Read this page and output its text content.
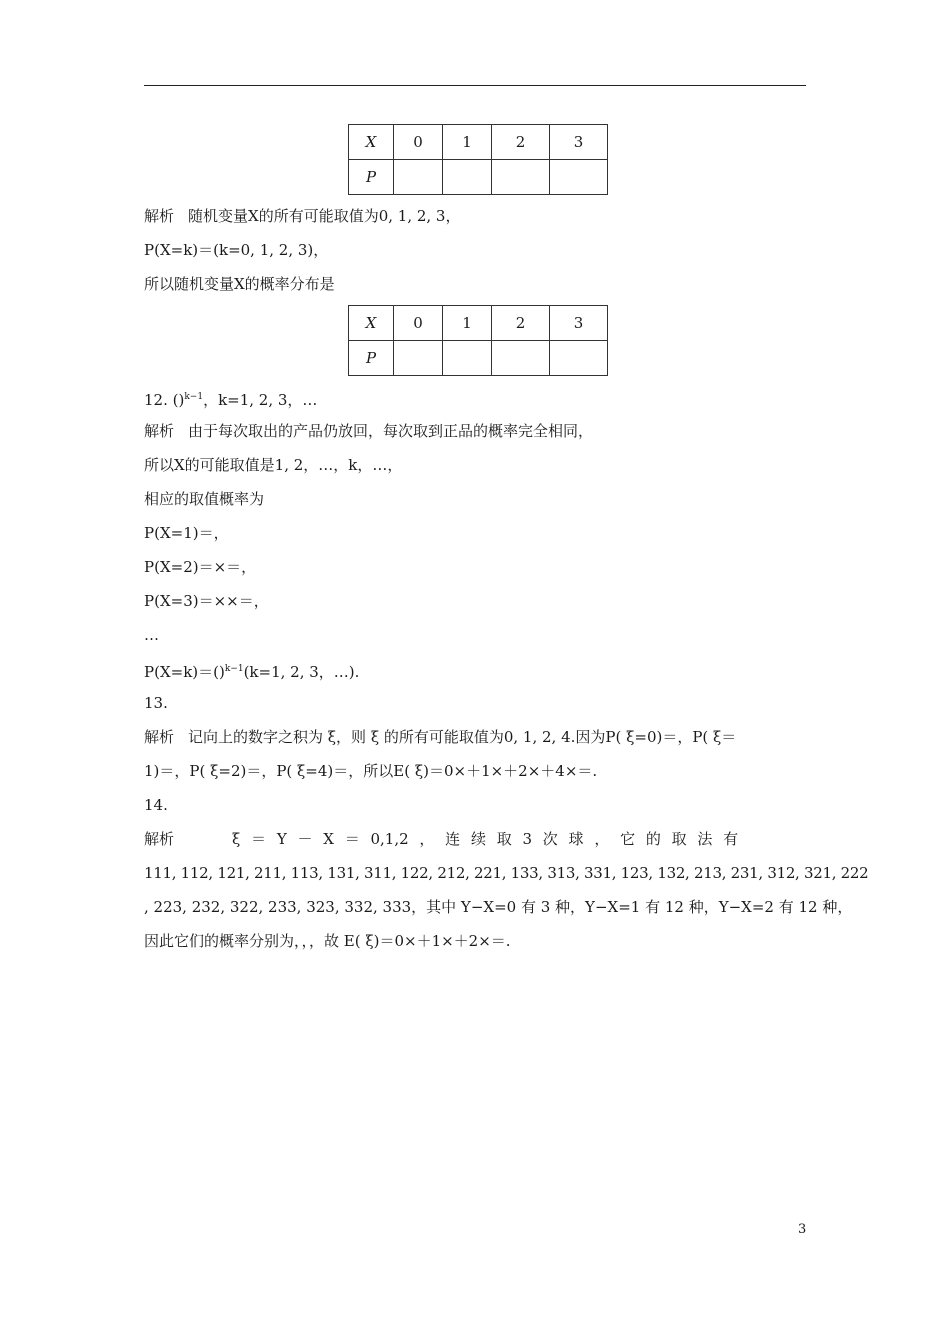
X	0	1	2	3
P				
解析 随机变量X的所有可能取值为0, 1, 2, 3，
P(X=k)＝(k=0, 1, 2, 3)，
所以随机变量X的概率分布是
X	0	1	2	3
P				
12. ()$^{k-1}$，k=1, 2, 3，…
解析 由于每次取出的产品仍放回，每次取到正品的概率完全相同，
所以X的可能取值是1, 2，…，k，…，
相应的取值概率为
P(X=1)＝，
P(X=2)＝×＝，
P(X=3)＝××＝，
…
P(X=k)＝()$^{k-1}$(k=1, 2, 3，…).
13.
解析 记向上的数字之积为 ξ，则 ξ 的所有可能取值为0, 1, 2, 4.因为P( ξ=0)＝，P( ξ＝
1)＝，P( ξ=2)＝，P( ξ=4)＝，所以E( ξ)＝0×＋1×＋2×＋4×＝.
14.
解析	ξ ＝ Y － X ＝ 0,1,2 ， 连 续 取 3 次 球 ， 它 的 取 法 有
111, 112, 121, 211, 113, 131, 311, 122, 212, 221, 133, 313, 331, 123, 132, 213, 231, 312, 321, 222
, 223, 232, 322, 233, 323, 332, 333，其中 Y−X=0 有 3 种，Y−X=1 有 12 种，Y−X=2 有 12 种，
因此它们的概率分别为，，，故 E( ξ)＝0×＋1×＋2×＝.
3
